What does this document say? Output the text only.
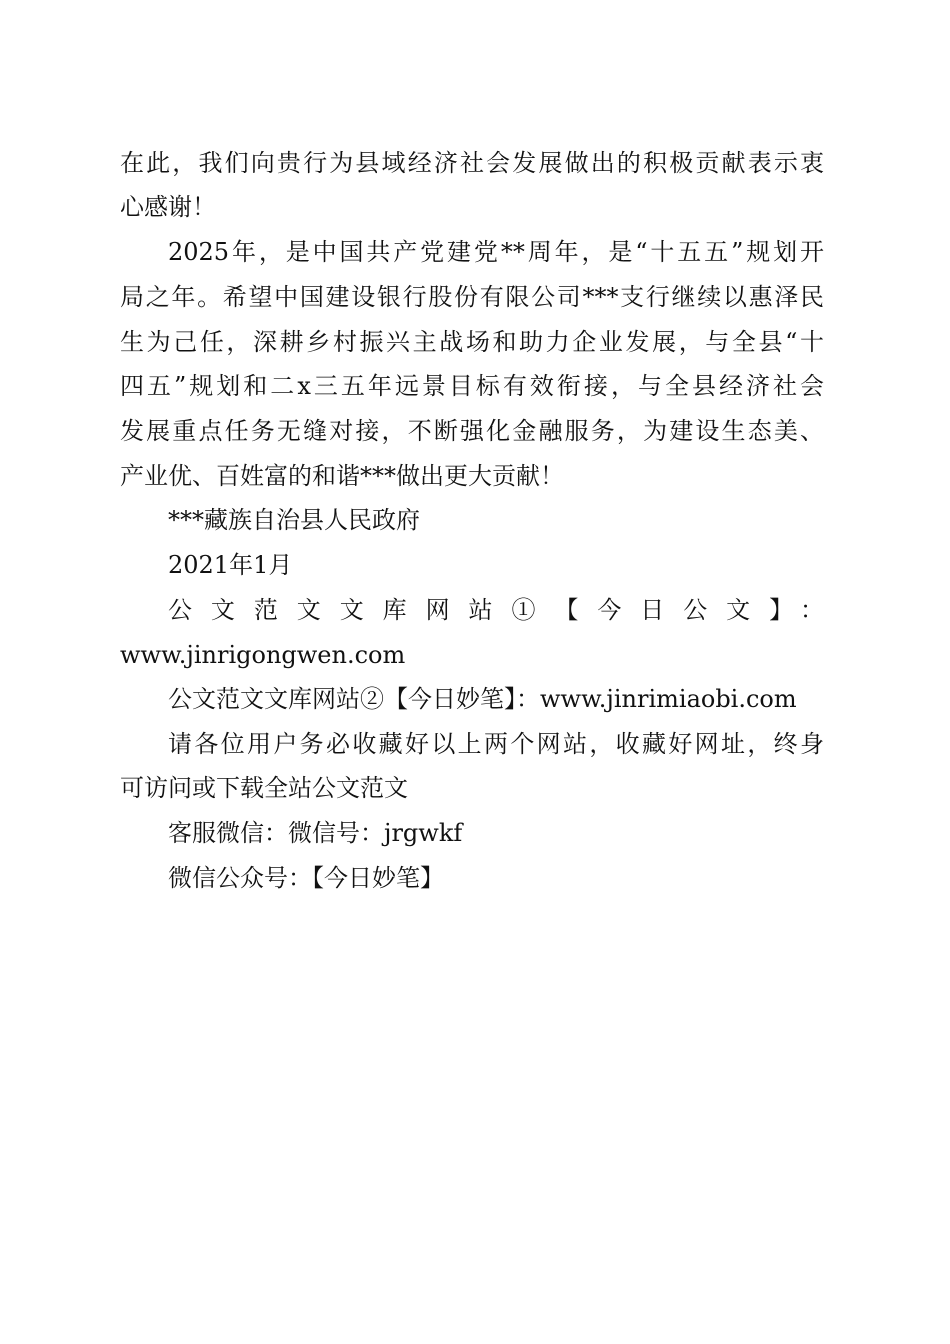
在此，我们向贵行为县域经济社会发展做出的积极贡献表示衷
心感谢！
2025年，是中国共产党建党**周年，是“十五五”规划开
局之年。希望中国建设银行股份有限公司***支行继续以惠泽民
生为己任，深耕乡村振兴主战场和助力企业发展，与全县“十
四五”规划和二x三五年远景目标有效衔接，与全县经济社会
发展重点任务无缝对接，不断强化金融服务，为建设生态美、
产业优、百姓富的和谐***做出更大贡献！
***藏族自治县人民政府
2021年1月
公文范文文库网站①【今日公文】：
www.jinrigongwen.com
公文范文文库网站②【今日妙笔】：www.jinrimiaobi.com
请各位用户务必收藏好以上两个网站，收藏好网址，终身
可访问或下载全站公文范文
客服微信：微信号：jrgwkf
微信公众号：【今日妙笔】
